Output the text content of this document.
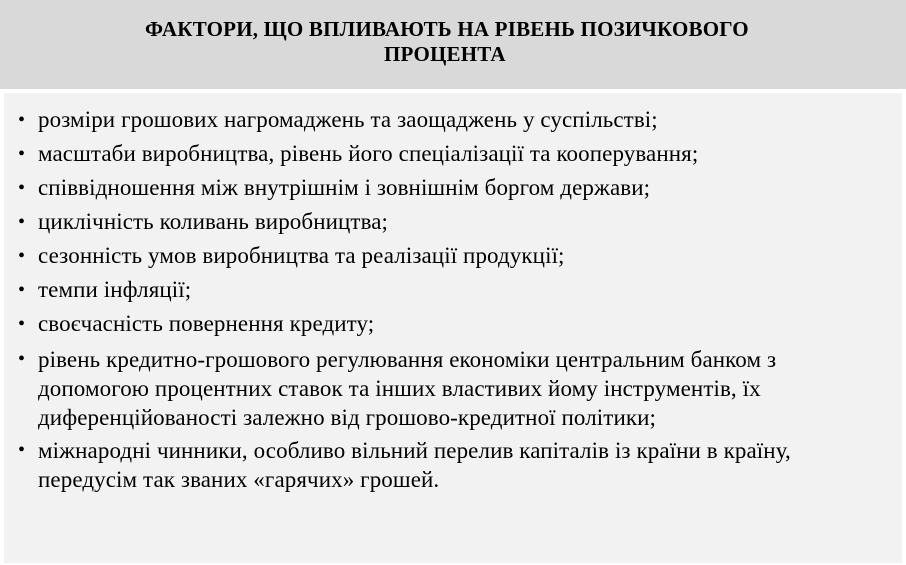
ФАКТОРИ, ЩО ВПЛИВАЮТЬ НА РІВЕНЬ ПОЗИЧКОВОГО
ПРОЦЕНТА
• розміри грошових нагромаджень та заощаджень у суспільстві;
• масштаби виробництва, рівень його спеціалізації та кооперування;
• співвідношення між внутрішнім і зовнішнім боргом держави;
• циклічність коливань виробництва;
• сезонність умов виробництва та реалізації продукції;
• темпи інфляції;
• своєчасність повернення кредиту;
• рівень кредитно-грошового регулювання економіки центральним банком з допомогою процентних ставок та інших властивих йому інструментів, їх диференційованості залежно від грошово-кредитної політики;
• міжнародні чинники, особливо вільний перелив капіталів із країни в країну, передусім так званих «гарячих» грошей.
